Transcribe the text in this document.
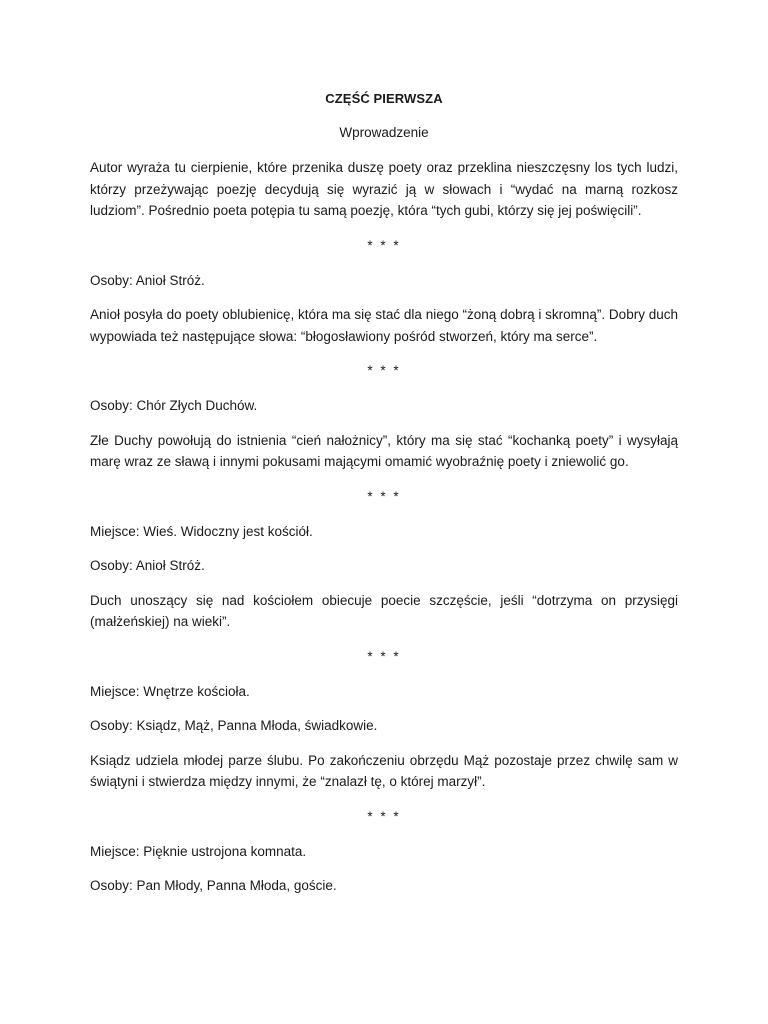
CZĘŚĆ PIERWSZA
Wprowadzenie

Autor wyraża tu cierpienie, które przenika duszę poety oraz przeklina nieszczęsny los tych ludzi, którzy przeżywając poezję decydują się wyrazić ją w słowach i “wydać na marną rozkosz ludziom”. Pośrednio poeta potępia tu samą poezję, która “tych gubi, którzy się jej poświęcili”.

* * *

Osoby: Anioł Stróż.

Anioł posyła do poety oblubienicę, która ma się stać dla niego “żoną dobrą i skromną”. Dobry duch wypowiada też następujące słowa: “błogosławiony pośród stworzeń, który ma serce”.

* * *

Osoby: Chór Złych Duchów.

Złe Duchy powołują do istnienia “cień nałożnicy”, który ma się stać “kochanką poety” i wysyłają marę wraz ze sławą i innymi pokusami mającymi omamić wyobraźnię poety i zniewolić go.

* * *

Miejsce: Wieś. Widoczny jest kościół.

Osoby: Anioł Stróż.

Duch unoszący się nad kościołem obiecuje poecie szczęście, jeśli “dotrzyma on przysięgi (małżeńskiej) na wieki”.

* * *

Miejsce: Wnętrze kościoła.

Osoby: Ksiądz, Mąż, Panna Młoda, świadkowie.

Ksiądz udziela młodej parze ślubu. Po zakończeniu obrzędu Mąż pozostaje przez chwilę sam w świątyni i stwierdza między innymi, że “znalazł tę, o której marzył”.

* * *

Miejsce: Pięknie ustrojona komnata.

Osoby: Pan Młody, Panna Młoda, goście.
